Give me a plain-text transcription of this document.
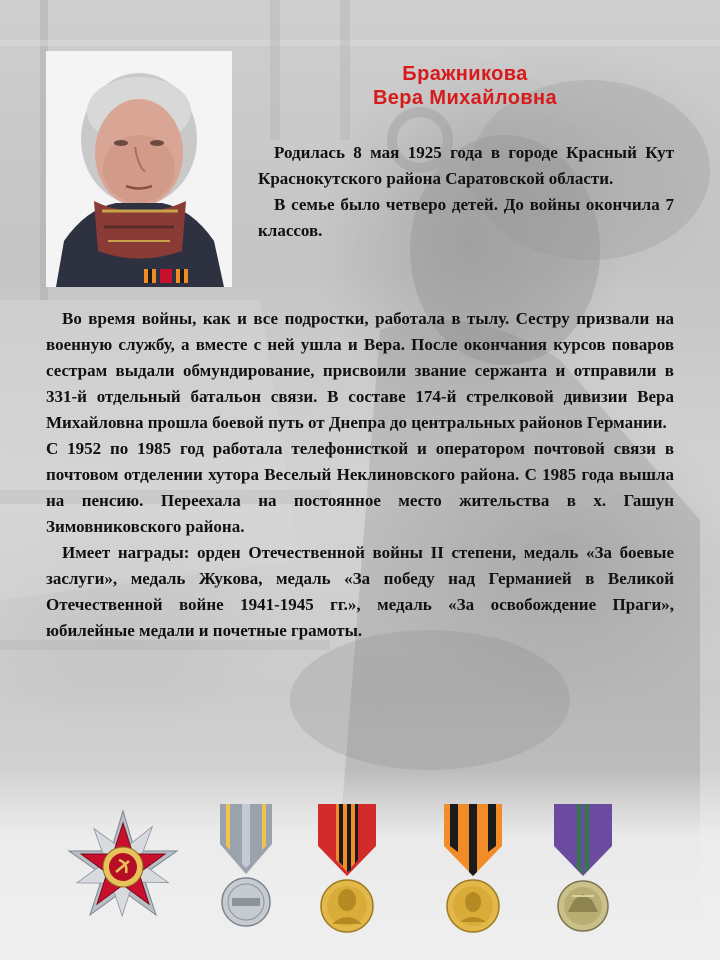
Бражникова
Вера Михайловна

Родилась 8 мая 1925 года в городе Красный Кут Краснокутского района Саратовской области.

В семье было четверо детей. До войны окончила 7 классов.

Во время войны, как и все подростки, работала в тылу. Сестру призвали на военную службу, а вместе с ней ушла и Вера. После окончания курсов поваров сестрам выдали обмундирование, присвоили звание сержанта и отправили в 331-й отдельный батальон связи. В составе 174-й стрелковой дивизии Вера Михайловна прошла боевой путь от Днепра до центральных районов Германии.

С 1952 по 1985 год работала телефонисткой и оператором почтовой связи в почтовом отделении хутора Веселый Неклиновского района. С 1985 года вышла на пенсию. Переехала на постоянное место жительства в х. Гашун Зимовниковского района.

Имеет награды: орден Отечественной войны II степени, медаль «За боевые заслуги», медаль Жукова, медаль «За победу над Германией в Великой Отечественной войне 1941-1945 гг.», медаль «За освобождение Праги», юбилейные медали и почетные грамоты.
